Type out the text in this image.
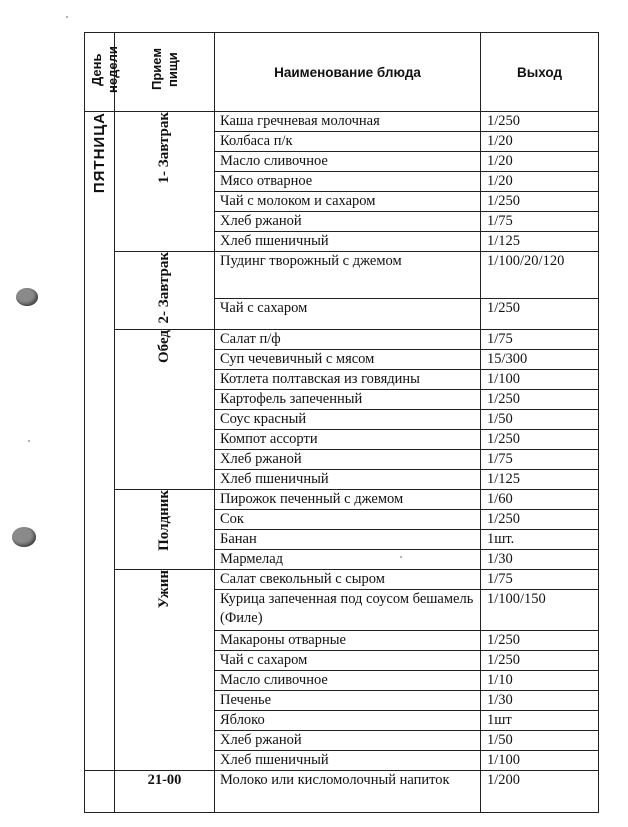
День недели	Прием пищи	Наименование блюда	Выход
ПЯТНИЦА	1- Завтрак	Каша гречневая молочная	1/250
		Колбаса п/к	1/20
		Масло сливочное	1/20
		Мясо отварное	1/20
		Чай с молоком и сахаром	1/250
		Хлеб ржаной	1/75
		Хлеб пшеничный	1/125
	2- Завтрак	Пудинг творожный с джемом	1/100/20/120
		Чай с сахаром	1/250
	Обед	Салат п/ф	1/75
		Суп чечевичный с мясом	15/300
		Котлета полтавская из говядины	1/100
		Картофель запеченный	1/250
		Соус красный	1/50
		Компот ассорти	1/250
		Хлеб ржаной	1/75
		Хлеб пшеничный	1/125
	Полдник	Пирожок печенный с джемом	1/60
		Сок	1/250
		Банан	1шт.
		Мармелад	1/30
	Ужин	Салат свекольный с сыром	1/75
		Курица запеченная под соусом бешамель (Филе)	1/100/150
		Макароны отварные	1/250
		Чай с сахаром	1/250
		Масло сливочное	1/10
		Печенье	1/30
		Яблоко	1шт
		Хлеб ржаной	1/50
		Хлеб пшеничный	1/100
	21-00	Молоко или кисломолочный напиток	1/200
